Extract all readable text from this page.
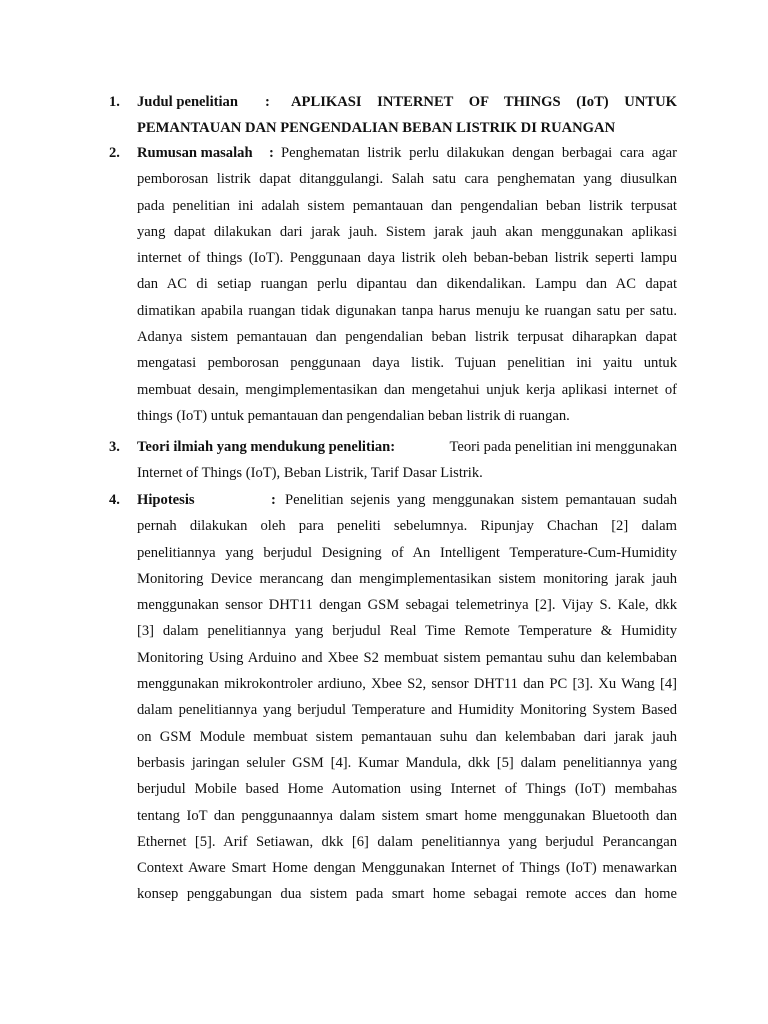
1.	Judul penelitian : APLIKASI INTERNET OF THINGS (IoT) UNTUK
PEMANTAUAN DAN PENGENDALIAN BEBAN LISTRIK DI RUANGAN
2.	Rumusan masalah : Penghematan listrik perlu dilakukan dengan berbagai cara agar
pemborosan listrik dapat ditanggulangi. Salah satu cara penghematan yang diusulkan
pada penelitian ini adalah sistem pemantauan dan pengendalian beban listrik terpusat
yang dapat dilakukan dari jarak jauh. Sistem jarak jauh akan menggunakan aplikasi
internet of things (IoT). Penggunaan daya listrik oleh beban-beban listrik seperti lampu
dan AC di setiap ruangan perlu dipantau dan dikendalikan. Lampu dan AC dapat
dimatikan apabila ruangan tidak digunakan tanpa harus menuju ke ruangan satu per satu.
Adanya sistem pemantauan dan pengendalian beban listrik terpusat diharapkan dapat
mengatasi pemborosan penggunaan daya listik. Tujuan penelitian ini yaitu untuk
membuat desain, mengimplementasikan dan mengetahui unjuk kerja aplikasi internet of
things (IoT) untuk pemantauan dan pengendalian beban listrik di ruangan.
3.	Teori ilmiah yang mendukung penelitian:	Teori pada penelitian ini menggunakan
Internet of Things (IoT), Beban Listrik, Tarif Dasar Listrik.
4.	Hipotesis	: Penelitian sejenis yang menggunakan sistem pemantauan sudah
pernah dilakukan oleh para peneliti sebelumnya. Ripunjay Chachan [2] dalam
penelitiannya yang berjudul Designing of An Intelligent Temperature-Cum-Humidity
Monitoring Device merancang dan mengimplementasikan sistem monitoring jarak jauh
menggunakan sensor DHT11 dengan GSM sebagai telemetrinya [2]. Vijay S. Kale, dkk
[3] dalam penelitiannya yang berjudul Real Time Remote Temperature & Humidity
Monitoring Using Arduino and Xbee S2 membuat sistem pemantau suhu dan kelembaban
menggunakan mikrokontroler ardiuno, Xbee S2, sensor DHT11 dan PC [3]. Xu Wang [4]
dalam penelitiannya yang berjudul Temperature and Humidity Monitoring System Based
on GSM Module membuat sistem pemantauan suhu dan kelembaban dari jarak jauh
berbasis jaringan seluler GSM [4]. Kumar Mandula, dkk [5] dalam penelitiannya yang
berjudul Mobile based Home Automation using Internet of Things (IoT) membahas
tentang IoT dan penggunaannya dalam sistem smart home menggunakan Bluetooth dan
Ethernet [5]. Arif Setiawan, dkk [6] dalam penelitiannya yang berjudul Perancangan
Context Aware Smart Home dengan Menggunakan Internet of Things (IoT) menawarkan
konsep penggabungan dua sistem pada smart home sebagai remote acces dan home
